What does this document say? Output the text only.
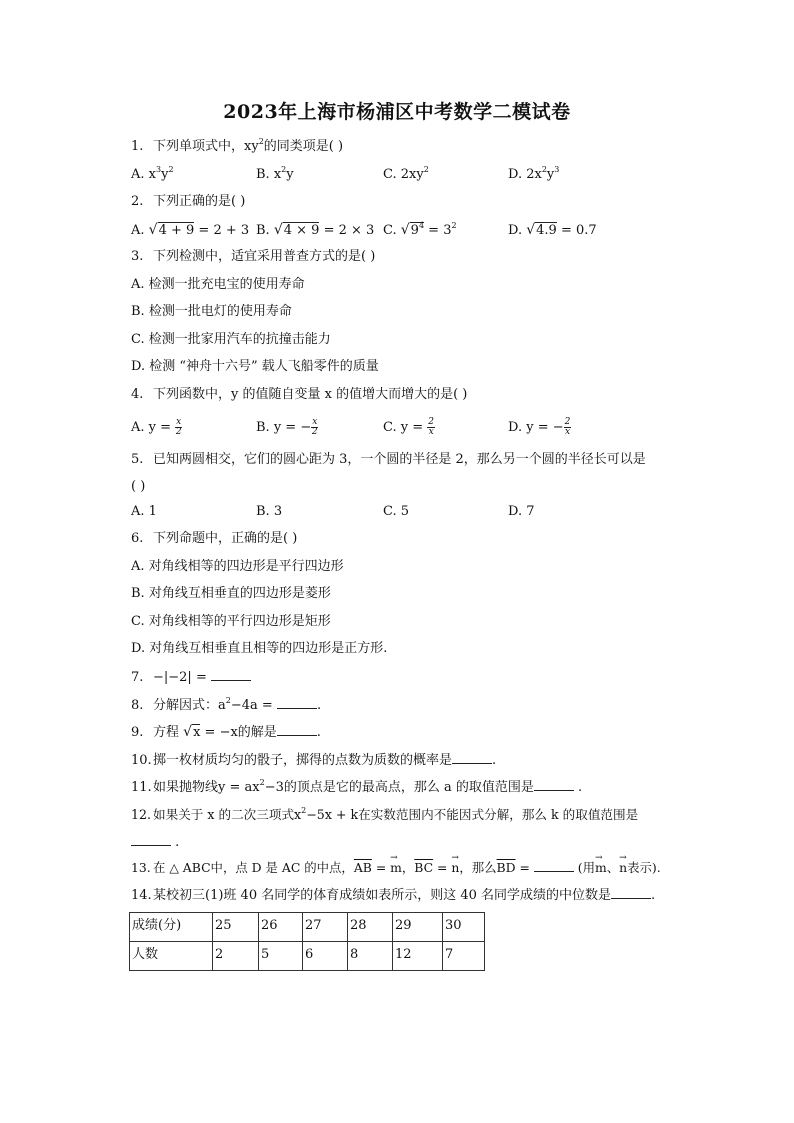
2023年上海市杨浦区中考数学二模试卷
1. 下列单项式中，$xy^2$的同类项是( )
A. $x^3y^2$	B. $x^2y$	C. $2xy^2$	D. $2x^2y^3$
2. 下列正确的是( )
A. √4 + 9 = 2 + 3 B. √4 × 9 = 2 × 3 C. $√9^4 = 3^2$	D. √4.9 = 0.7
3. 下列检测中，适宜采用普查方式的是( )
A. 检测一批充电宝的使用寿命
B. 检测一批电灯的使用寿命
C. 检测一批家用汽车的抗撞击能力
D. 检测 “神舟十六号” 载人飞船零件的质量
4. 下列函数中，y 的值随自变量 x 的值增大而增大的是( )
A. $y = \frac{x}{2}$	B. y = − $\frac{x}{2}$	C. $y = \frac{2}{x}$	D. y = − $\frac{2}{x}$
5. 已知两圆相交，它们的圆心距为 3，一个圆的半径是 2，那么另一个圆的半径长可以是
( )
A. 1	B. 3	C. 5	D. 7
6. 下列命题中，正确的是( )
A. 对角线相等的四边形是平行四边形
B. 对角线互相垂直的四边形是菱形
C. 对角线相等的平行四边形是矩形
D. 对角线互相垂直且相等的四边形是正方形.
7. −|−2| =
8. 分解因式：$a^2-4a$ =	.
9. 方程 √x = −x的解是	.
10.掷一枚材质均匀的骰子，掷得的点数为质数的概率是	.
11.如果抛物线$y = ax^2-3$的顶点是它的最高点，那么 a 的取值范围是	.
12. 如果关于 x 的二次三项式$x^2-5x + k$在实数范围内不能因式分解，那么 k 的取值范围是
.
13. 在 △ ABC中，点 D 是 AC 的中点，$\overline{AB}$ = → m，$\overline{BC}$ = → n，那么$\overline{BD}$ =	(用→ m、→ n表示).
14.某校初三(1)班 40 名同学的体育成绩如表所示，则这 40 名同学成绩的中位数是	.
成绩(分)	25	26	27	28	29	30
人数	2	5	6	8	12	7
